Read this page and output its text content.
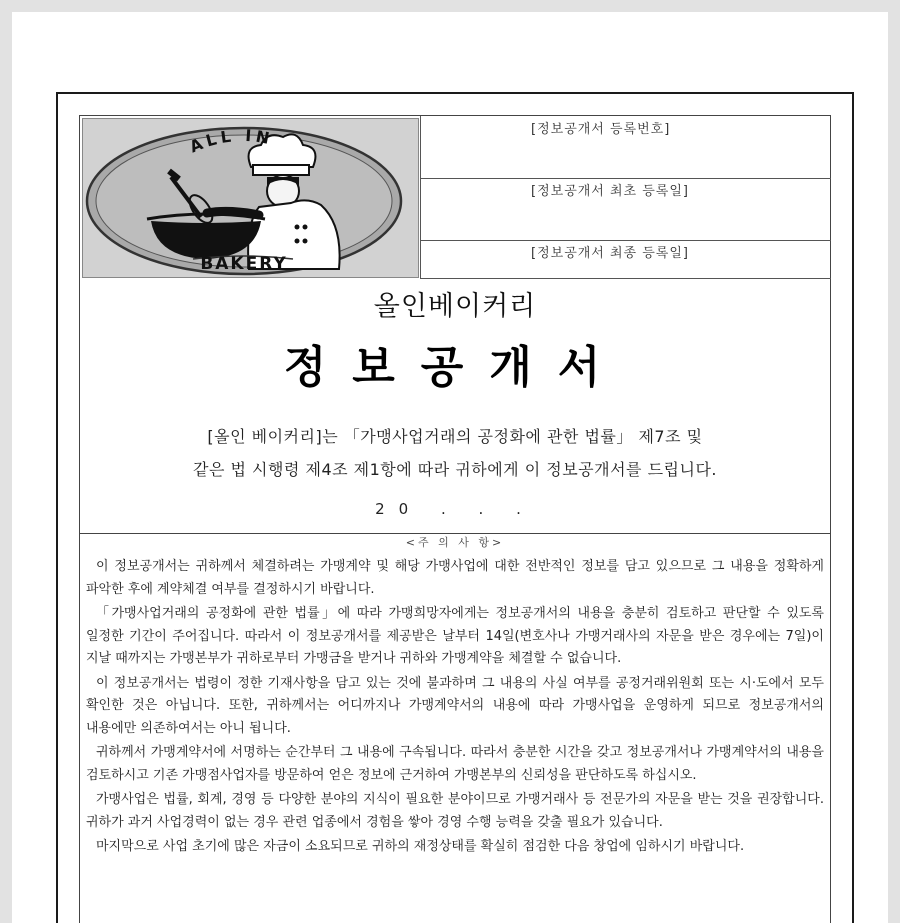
ALL IN
BAKERY
[정보공개서 등록번호]
[정보공개서 최초 등록일]
[정보공개서 최종 등록일]
올인베이커리
정보공개서
[올인 베이커리]는 「가맹사업거래의 공정화에 관한 법률」 제7조 및
같은 법 시행령 제4조 제1항에 따라 귀하에게 이 정보공개서를 드립니다.
20 . . .
<주 의 사 항>

이 정보공개서는 귀하께서 체결하려는 가맹계약 및 해당 가맹사업에 대한 전반적인 정보를 담고 있으므로 그 내용을 정확하게 파악한 후에 계약체결 여부를 결정하시기 바랍니다.

「가맹사업거래의 공정화에 관한 법률」에 따라 가맹희망자에게는 정보공개서의 내용을 충분히 검토하고 판단할 수 있도록 일정한 기간이 주어집니다. 따라서 이 정보공개서를 제공받은 날부터 14일(변호사나 가맹거래사의 자문을 받은 경우에는 7일)이 지날 때까지는 가맹본부가 귀하로부터 가맹금을 받거나 귀하와 가맹계약을 체결할 수 없습니다.

이 정보공개서는 법령이 정한 기재사항을 담고 있는 것에 불과하며 그 내용의 사실 여부를 공정거래위원회 또는 시·도에서 모두 확인한 것은 아닙니다. 또한, 귀하께서는 어디까지나 가맹계약서의 내용에 따라 가맹사업을 운영하게 되므로 정보공개서의 내용에만 의존하여서는 아니 됩니다.

귀하께서 가맹계약서에 서명하는 순간부터 그 내용에 구속됩니다. 따라서 충분한 시간을 갖고 정보공개서나 가맹계약서의 내용을 검토하시고 기존 가맹점사업자를 방문하여 얻은 정보에 근거하여 가맹본부의 신뢰성을 판단하도록 하십시오.

가맹사업은 법률, 회계, 경영 등 다양한 분야의 지식이 필요한 분야이므로 가맹거래사 등 전문가의 자문을 받는 것을 권장합니다. 귀하가 과거 사업경력이 없는 경우 관련 업종에서 경험을 쌓아 경영 수행 능력을 갖출 필요가 있습니다.

마지막으로 사업 초기에 많은 자금이 소요되므로 귀하의 재정상태를 확실히 점검한 다음 창업에 임하시기 바랍니다.
